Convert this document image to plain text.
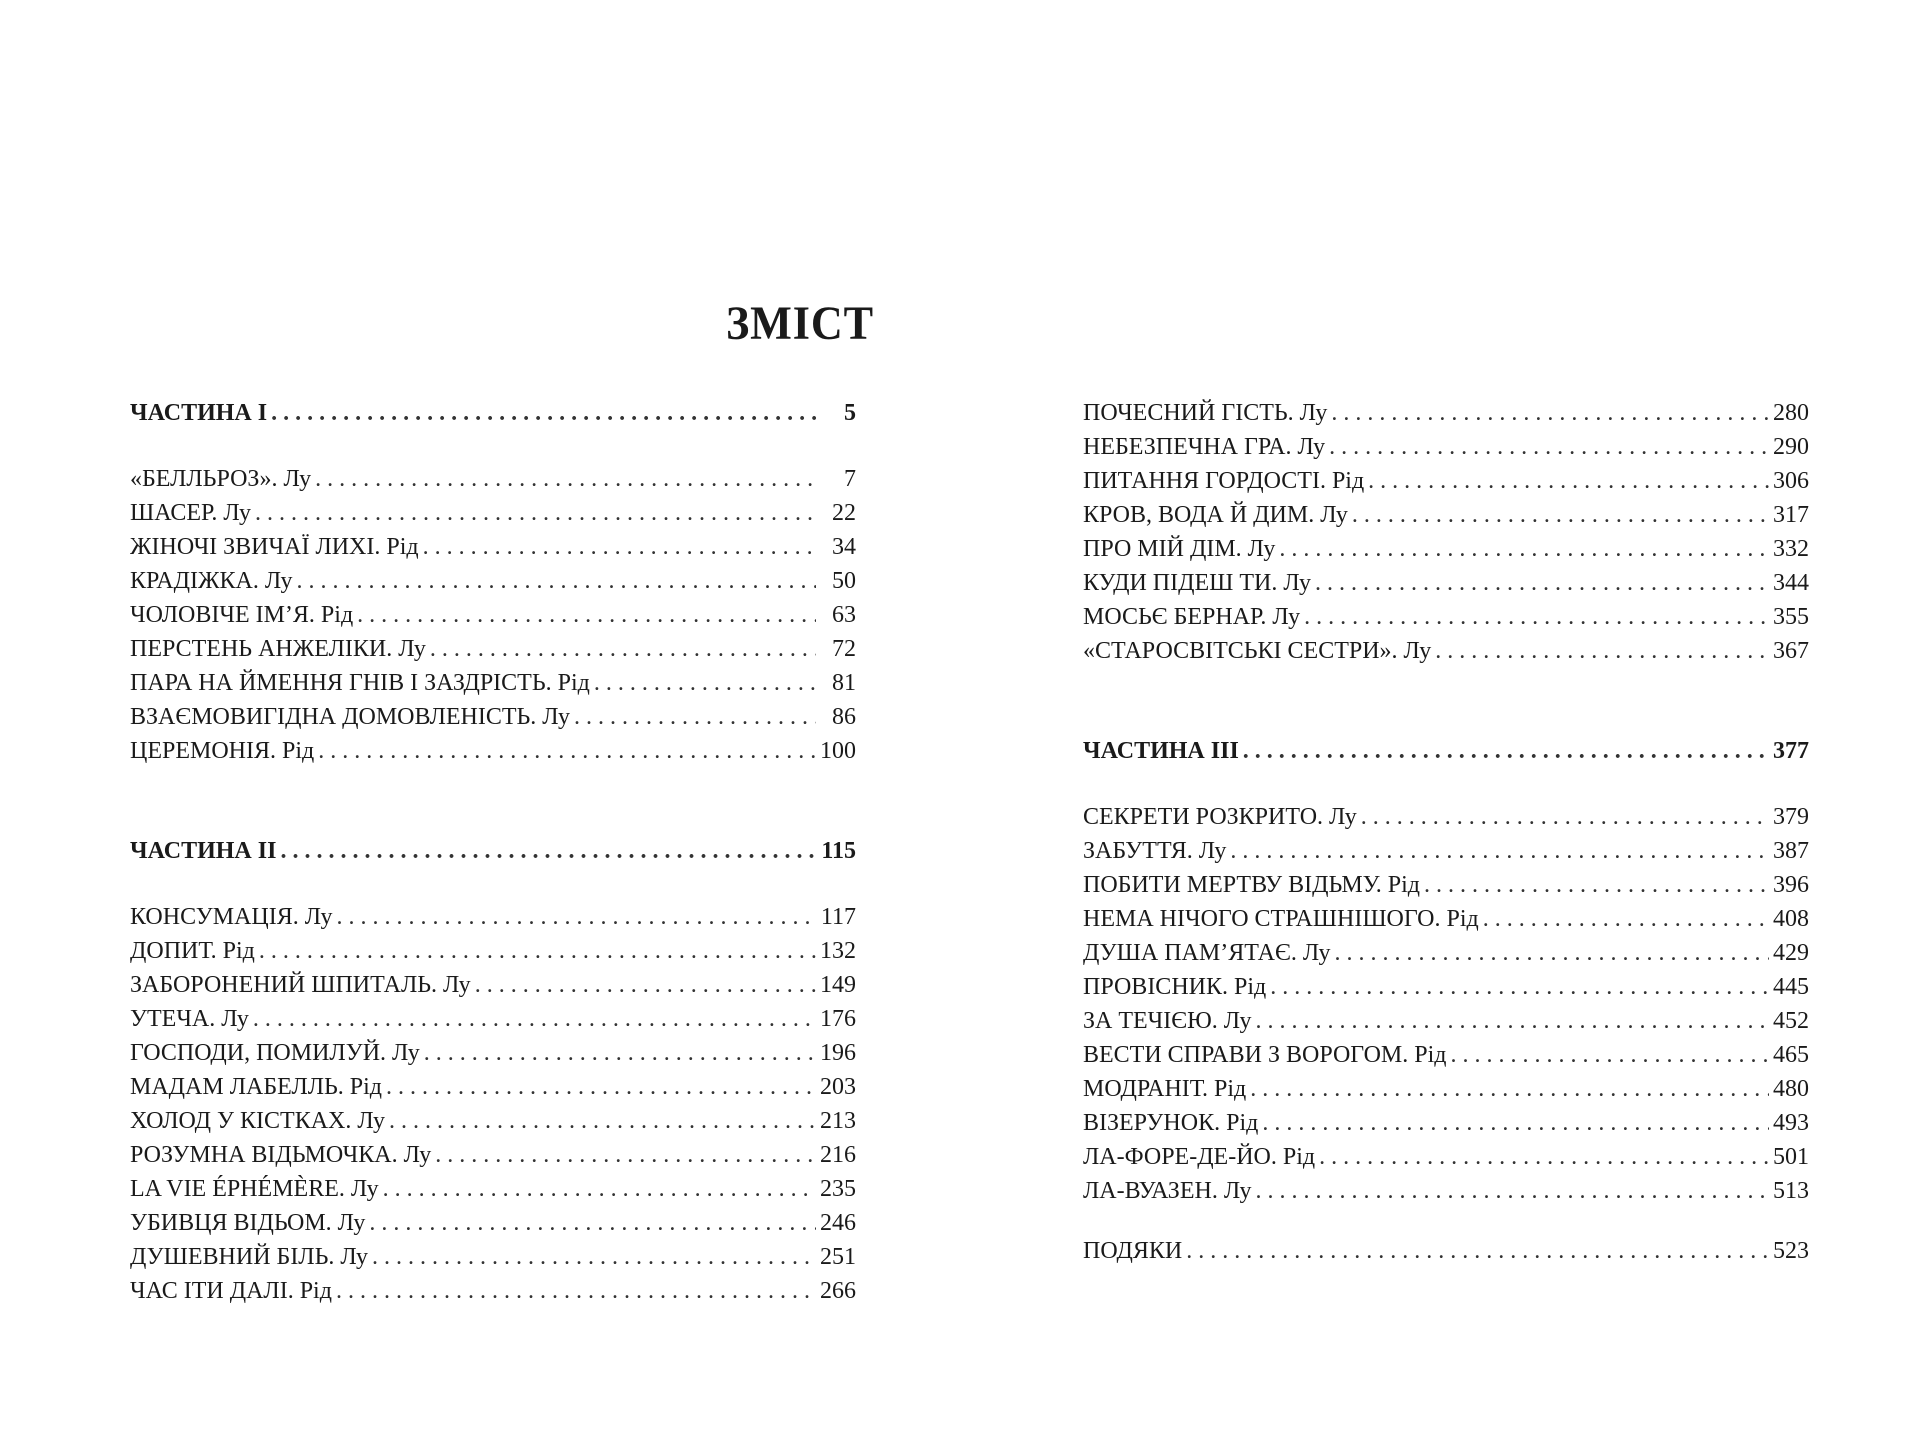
ЗМІСТ
ЧАСТИНА I . . .	5
«БЕЛЛЬРОЗ». Лу . . .	7
ШАСЕР. Лу . . .	22
ЖІНОЧІ ЗВИЧАЇ ЛИХІ. Рід . . .	34
КРАДІЖКА. Лу . . .	50
ЧОЛОВІЧЕ ІМ’Я. Рід . . .	63
ПЕРСТЕНЬ АНЖЕЛІКИ. Лу . . .	72
ПАРА НА ЙМЕННЯ ГНІВ І ЗАЗДРІСТЬ. Рід . . .	81
ВЗАЄМОВИГІДНА ДОМОВЛЕНІСТЬ. Лу . . .	86
ЦЕРЕМОНІЯ. Рід . . .	100
ЧАСТИНА II . . .	115
КОНСУМАЦІЯ. Лу . . .	117
ДОПИТ. Рід . . .	132
ЗАБОРОНЕНИЙ ШПИТАЛЬ. Лу . . .	149
УТЕЧА. Лу . . .	176
ГОСПОДИ, ПОМИЛУЙ. Лу . . .	196
МАДАМ ЛАБЕЛЛЬ. Рід . . .	203
ХОЛОД У КІСТКАХ. Лу . . .	213
РОЗУМНА ВІДЬМОЧКА. Лу . . .	216
LA VIE ÉPHÉMÈRE. Лу . . .	235
УБИВЦЯ ВІДЬОМ. Лу . . .	246
ДУШЕВНИЙ БІЛЬ. Лу . . .	251
ЧАС ІТИ ДАЛІ. Рід . . .	266
ПОЧЕСНИЙ ГІСТЬ. Лу . . .	280
НЕБЕЗПЕЧНА ГРА. Лу . . .	290
ПИТАННЯ ГОРДОСТІ. Рід . . .	306
КРОВ, ВОДА Й ДИМ. Лу . . .	317
ПРО МІЙ ДІМ. Лу . . .	332
КУДИ ПІДЕШ ТИ. Лу . . .	344
МОСЬЄ БЕРНАР. Лу . . .	355
«СТАРОСВІТСЬКІ СЕСТРИ». Лу . . .	367
ЧАСТИНА III . . .	377
СЕКРЕТИ РОЗКРИТО. Лу . . .	379
ЗАБУТТЯ. Лу . . .	387
ПОБИТИ МЕРТВУ ВІДЬМУ. Рід . . .	396
НЕМА НІЧОГО СТРАШНІШОГО. Рід . . .	408
ДУША ПАМ’ЯТАЄ. Лу . . .	429
ПРОВІСНИК. Рід . . .	445
ЗА ТЕЧІЄЮ. Лу . . .	452
ВЕСТИ СПРАВИ З ВОРОГОМ. Рід . . .	465
МОДРАНІТ. Рід . . .	480
ВІЗЕРУНОК. Рід . . .	493
ЛА-ФОРЕ-ДЕ-ЙО. Рід . . .	501
ЛА-ВУАЗЕН. Лу . . .	513
ПОДЯКИ . . .	523
